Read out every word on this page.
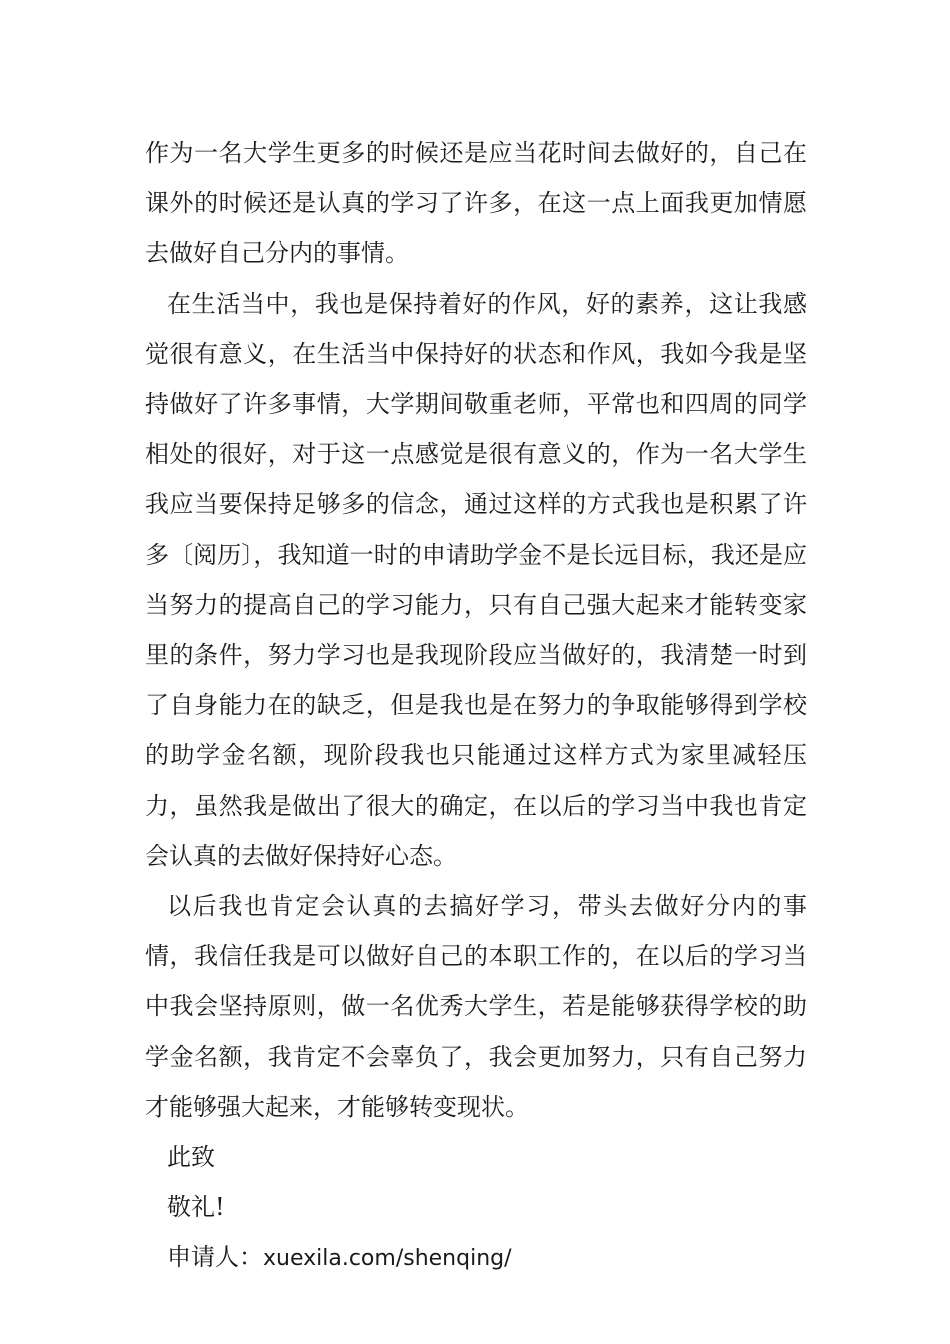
作为一名大学生更多的时候还是应当花时间去做好的，自己在课外的时候还是认真的学习了许多，在这一点上面我更加情愿去做好自己分内的事情。

在生活当中，我也是保持着好的作风，好的素养，这让我感觉很有意义，在生活当中保持好的状态和作风，我如今我是坚持做好了许多事情，大学期间敬重老师，平常也和四周的同学相处的很好，对于这一点感觉是很有意义的，作为一名大学生我应当要保持足够多的信念，通过这样的方式我也是积累了许多〔阅历〕，我知道一时的申请助学金不是长远目标，我还是应当努力的提高自己的学习能力，只有自己强大起来才能转变家里的条件，努力学习也是我现阶段应当做好的，我清楚一时到了自身能力在的缺乏，但是我也是在努力的争取能够得到学校的助学金名额，现阶段我也只能通过这样方式为家里减轻压力，虽然我是做出了很大的确定，在以后的学习当中我也肯定会认真的去做好保持好心态。

以后我也肯定会认真的去搞好学习，带头去做好分内的事情，我信任我是可以做好自己的本职工作的，在以后的学习当中我会坚持原则，做一名优秀大学生，若是能够获得学校的助学金名额，我肯定不会辜负了，我会更加努力，只有自己努力才能够强大起来，才能够转变现状。

此致

敬礼!

申请人：xuexila.com/shenqing/
